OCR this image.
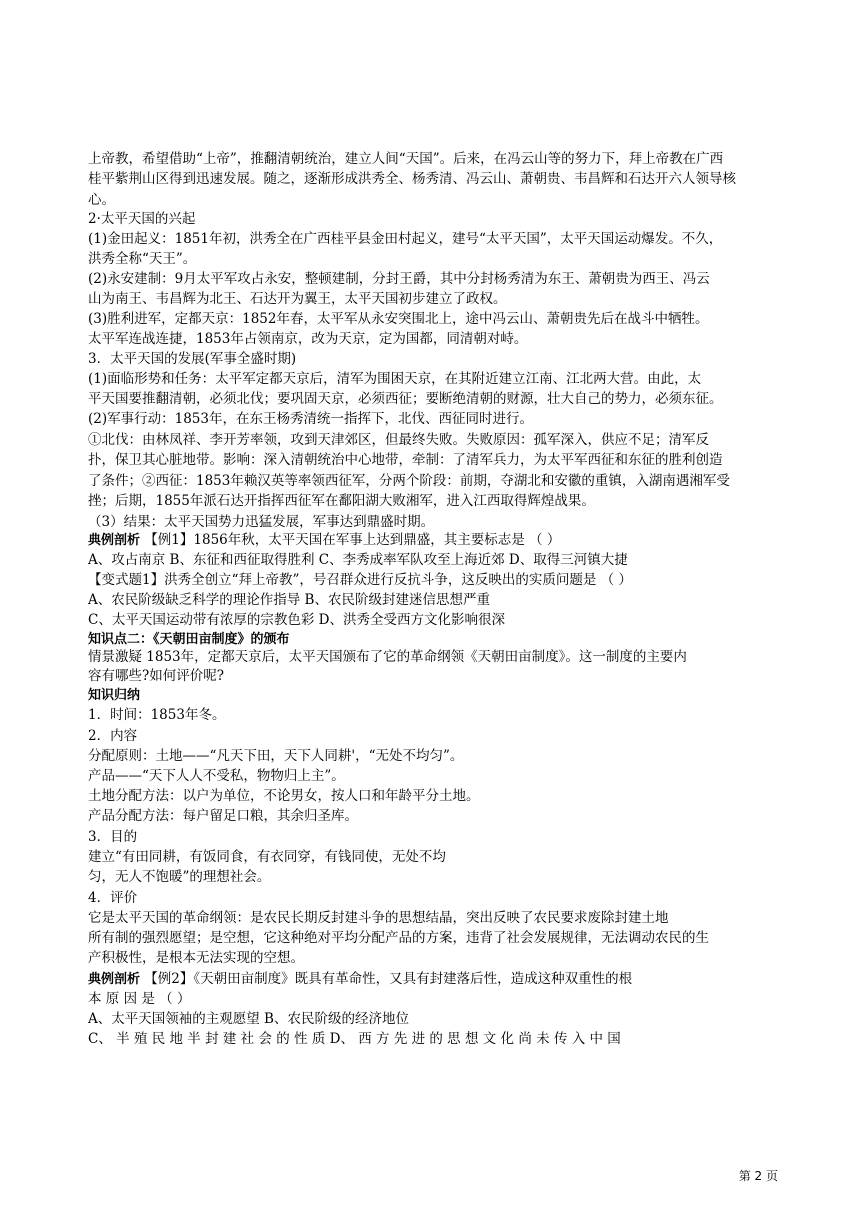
上帝教，希望借助“上帝”，推翻清朝统治，建立人间“天国”。后来，在冯云山等的努力下，拜上帝教在广西
桂平紫荆山区得到迅速发展。随之，逐渐形成洪秀全、杨秀清、冯云山、萧朝贵、韦昌辉和石达开六人领导核
心。
2·太平天国的兴起
(1)金田起义：1851年初，洪秀全在广西桂平县金田村起义，建号“太平天国”，太平天国运动爆发。不久，
洪秀全称“天王”。
(2)永安建制：9月太平军攻占永安，整顿建制，分封王爵，其中分封杨秀清为东王、萧朝贵为西王、冯云
山为南王、韦昌辉为北王、石达开为翼王，太平天国初步建立了政权。
(3)胜利进军，定都天京：1852年春，太平军从永安突围北上，途中冯云山、萧朝贵先后在战斗中牺牲。
太平军连战连捷，1853年占领南京，改为天京，定为国都，同清朝对峙。
3．太平天国的发展(军事全盛时期)
(1)面临形势和任务：太平军定都天京后，清军为围困天京，在其附近建立江南、江北两大营。由此，太
平天国要推翻清朝，必须北伐；要巩固天京，必须西征；要断绝清朝的财源，壮大自己的势力，必须东征。
(2)军事行动：1853年，在东王杨秀清统一指挥下，北伐、西征同时进行。
①北伐：由林凤祥、李开芳率领，攻到天津郊区，但最终失败。失败原因：孤军深入，供应不足；清军反
扑，保卫其心脏地带。影响：深入清朝统治中心地带，牵制：了清军兵力，为太平军西征和东征的胜利创造
了条件；②西征：1853年赖汉英等率领西征军，分两个阶段：前期，夺湖北和安徽的重镇，入湖南遇湘军受
挫；后期，1855年派石达开指挥西征军在鄱阳湖大败湘军，进入江西取得辉煌战果。
（3）结果：太平天国势力迅猛发展，军事达到鼎盛时期。
典例剖析 【例1】1856年秋，太平天国在军事上达到鼎盛，其主要标志是 （ ）
A、攻占南京 B、东征和西征取得胜利 C、李秀成率军队攻至上海近郊 D、取得三河镇大捷
【变式题1】洪秀全创立“拜上帝教”，号召群众进行反抗斗争，这反映出的实质问题是 （ ）
A、农民阶级缺乏科学的理论作指导 B、农民阶级封建迷信思想严重
C、太平天国运动带有浓厚的宗教色彩 D、洪秀全受西方文化影响很深
知识点二：《天朝田亩制度》的颁布
情景激疑 1853年，定都天京后，太平天国颁布了它的革命纲领《天朝田亩制度》。这一制度的主要内
容有哪些?如何评价呢?
知识归纳
1．时间：1853年冬。
2．内容
分配原则：土地——“凡天下田，天下人同耕'，“无处不均匀”。
产品——“天下人人不受私，物物归上主”。
土地分配方法：以户为单位，不论男女，按人口和年龄平分土地。
产品分配方法：每户留足口粮，其余归圣库。
3．目的
建立“有田同耕，有饭同食，有衣同穿，有钱同使，无处不均
匀，无人不饱暖”的理想社会。
4．评价
它是太平天国的革命纲领：是农民长期反封建斗争的思想结晶，突出反映了农民要求废除封建土地
所有制的强烈愿望；是空想，它这种绝对平均分配产品的方案，违背了社会发展规律，无法调动农民的生
产积极性，是根本无法实现的空想。
典例剖析 【例2】《天朝田亩制度》既具有革命性，又具有封建落后性，造成这种双重性的根
本 原 因 是 （ ）
A、太平天国领袖的主观愿望 B、农民阶级的经济地位
C、 半 殖 民 地 半 封 建 社 会 的 性 质 D、 西 方 先 进 的 思 想 文 化 尚 未 传 入 中 国
第 2 页
